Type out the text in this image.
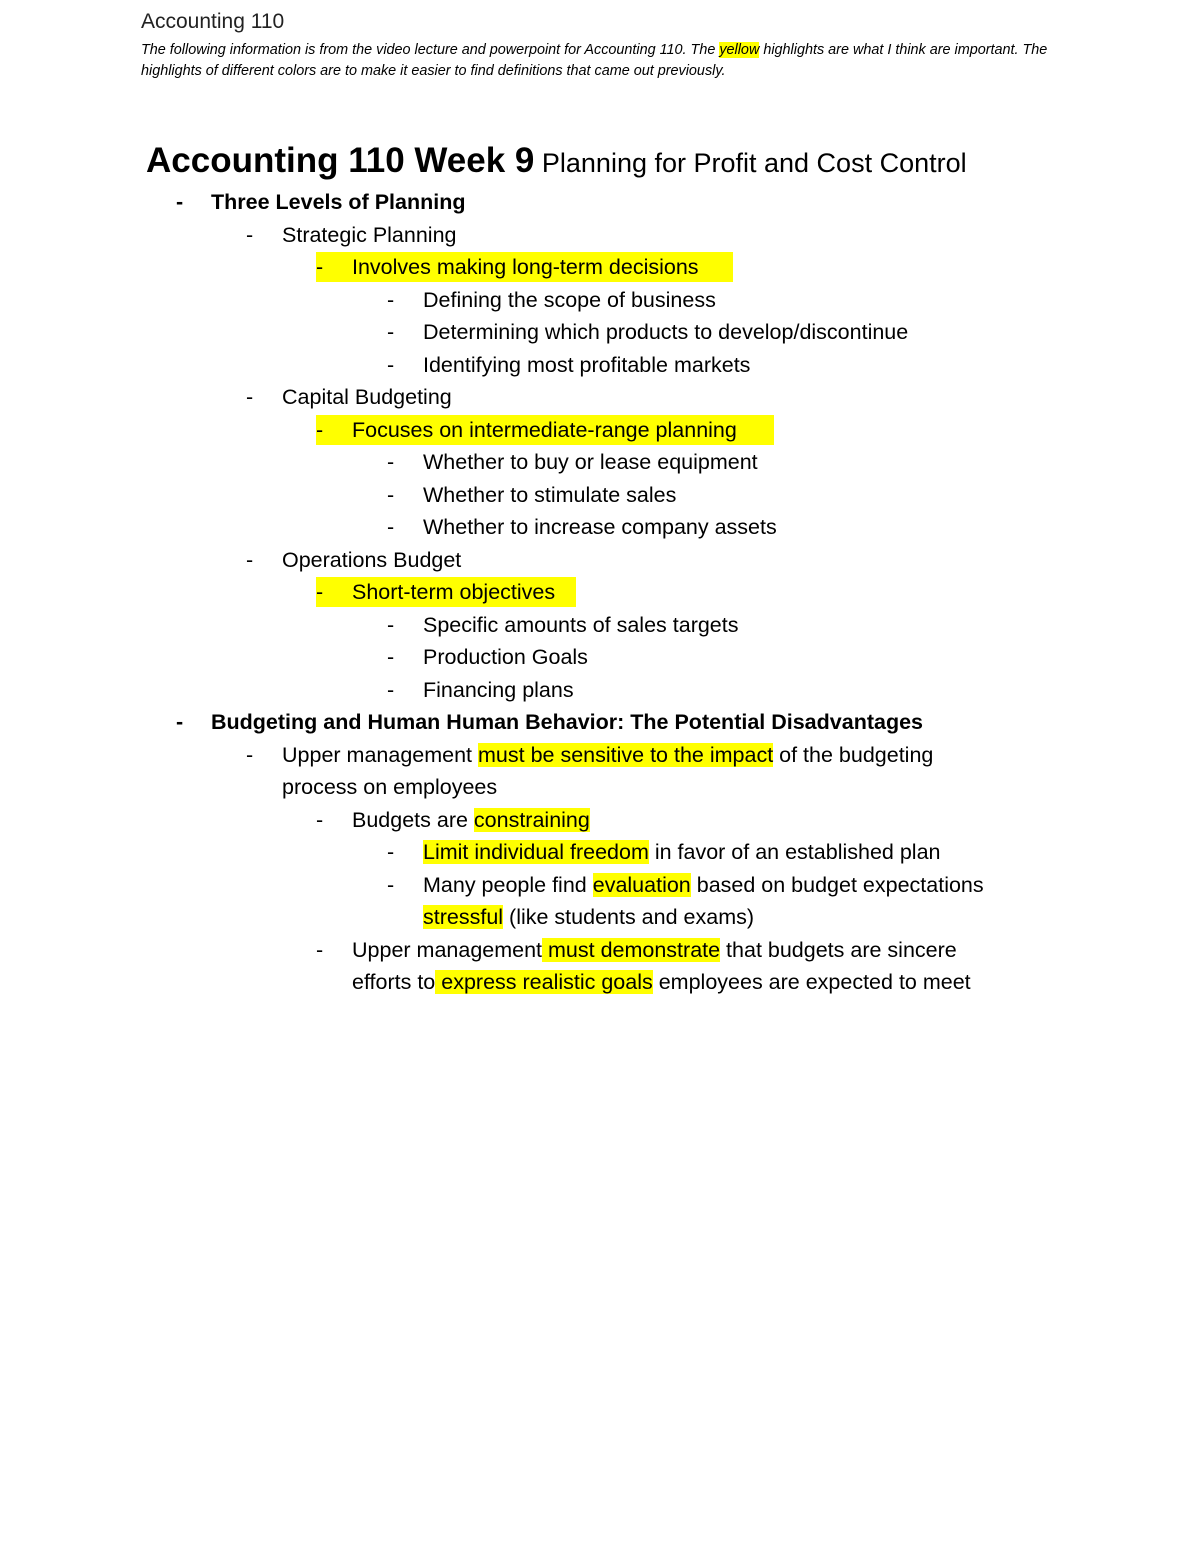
Accounting 110
The following information is from the video lecture and powerpoint for Accounting 110. The yellow highlights are what I think are important. The highlights of different colors are to make it easier to find definitions that came out previously.
Accounting 110 Week 9 Planning for Profit and Cost Control
- Three Levels of Planning
- Strategic Planning
- Involves making long-term decisions
- Defining the scope of business
- Determining which products to develop/discontinue
- Identifying most profitable markets
- Capital Budgeting
- Focuses on intermediate-range planning
- Whether to buy or lease equipment
- Whether to stimulate sales
- Whether to increase company assets
- Operations Budget
- Short-term objectives
- Specific amounts of sales targets
- Production Goals
- Financing plans
- Budgeting and Human Human Behavior: The Potential Disadvantages
- Upper management must be sensitive to the impact of the budgeting
process on employees
- Budgets are constraining
- Limit individual freedom in favor of an established plan
- Many people find evaluation based on budget expectations
stressful (like students and exams)
- Upper management must demonstrate that budgets are sincere
efforts to express realistic goals employees are expected to meet
